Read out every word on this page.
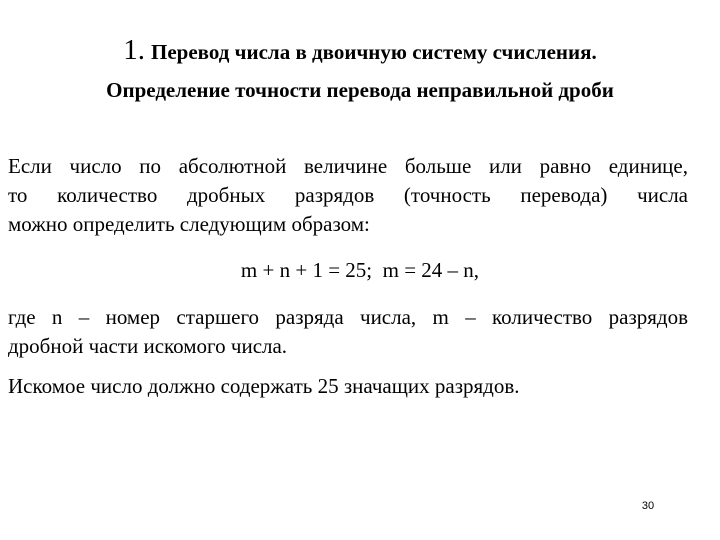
1. Перевод числа в двоичную систему счисления.
Определение точности перевода неправильной дроби
Если число по абсолютной величине больше или равно единице,
то количество дробных разрядов (точность перевода) числа
можно определить следующим образом:
m + n + 1 = 25;  m = 24 – n,
где n – номер старшего разряда числа, m – количество разрядов
дробной части искомого числа.
Искомое число должно содержать 25 значащих разрядов.
30
